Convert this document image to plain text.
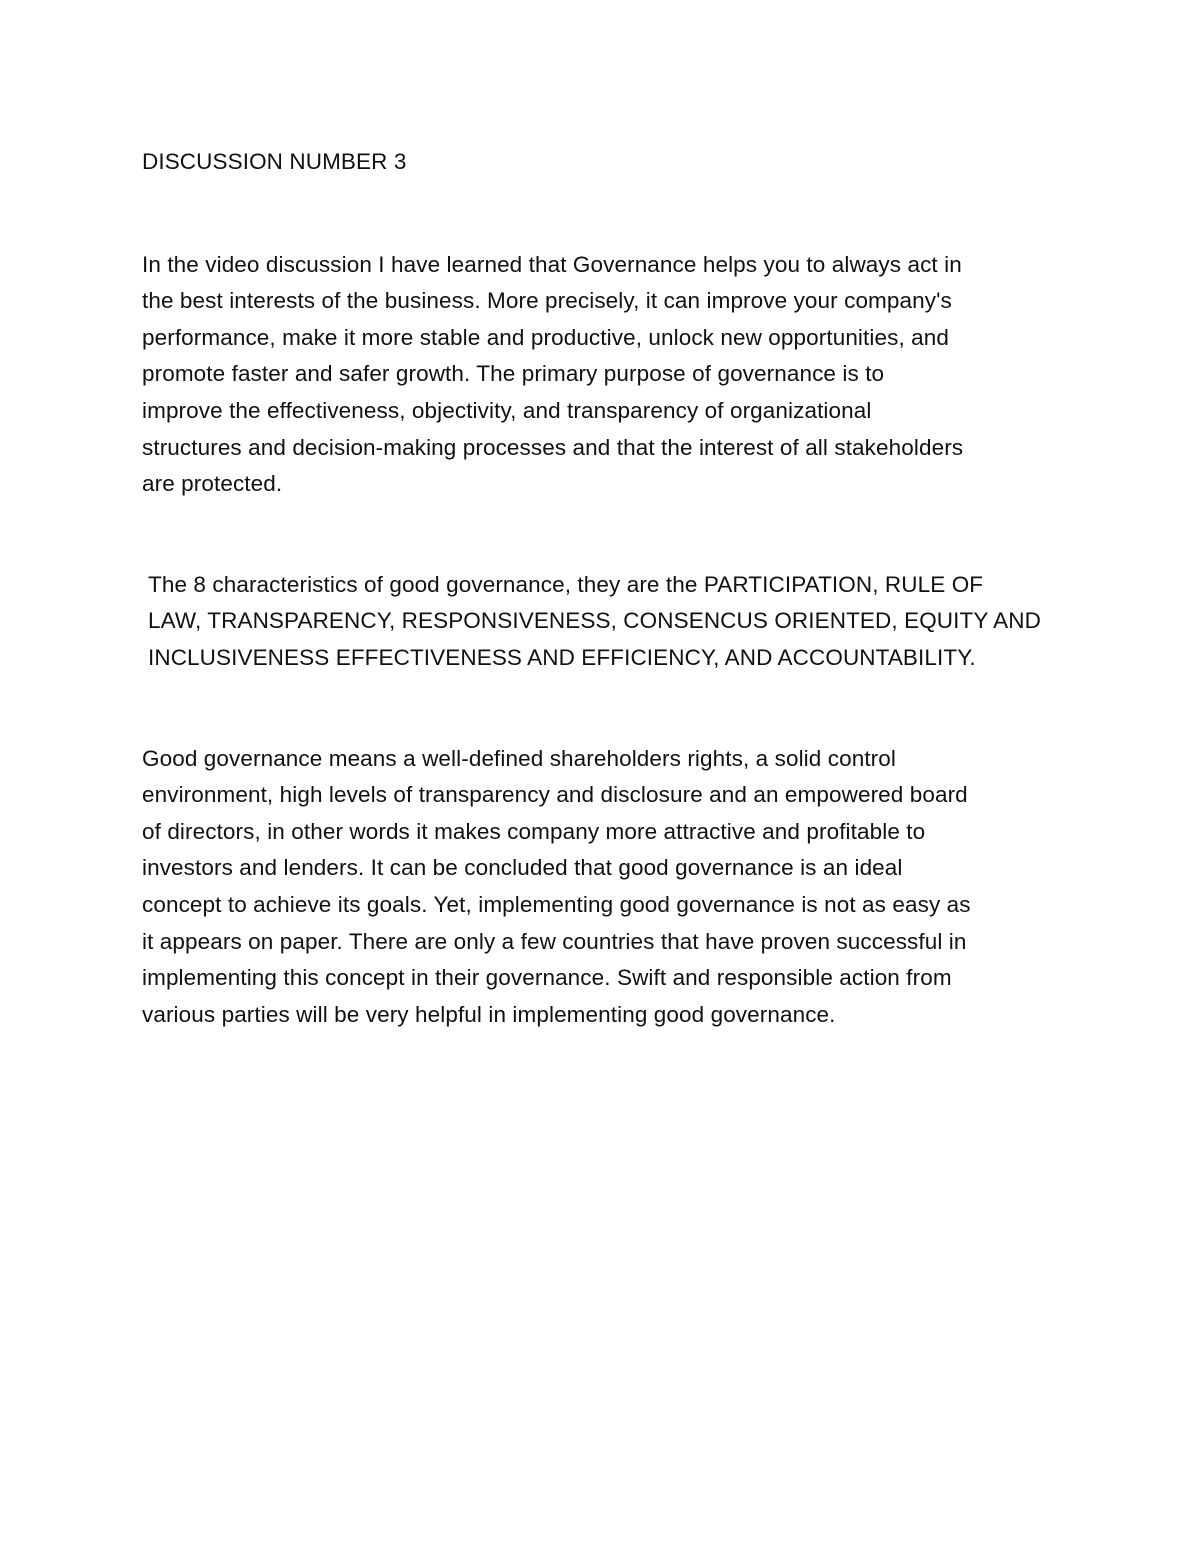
DISCUSSION NUMBER 3

In the video discussion I have learned that Governance helps you to always act in
the best interests of the business. More precisely, it can improve your company's
performance, make it more stable and productive, unlock new opportunities, and
promote faster and safer growth. The primary purpose of governance is to
improve the effectiveness, objectivity, and transparency of organizational
structures and decision-making processes and that the interest of all stakeholders
are protected.

The 8 characteristics of good governance, they are the PARTICIPATION, RULE OF
LAW, TRANSPARENCY, RESPONSIVENESS, CONSENCUS ORIENTED, EQUITY AND
INCLUSIVENESS EFFECTIVENESS AND EFFICIENCY, AND ACCOUNTABILITY.

Good governance means a well-defined shareholders rights, a solid control
environment, high levels of transparency and disclosure and an empowered board
of directors, in other words it makes company more attractive and profitable to
investors and lenders. It can be concluded that good governance is an ideal
concept to achieve its goals. Yet, implementing good governance is not as easy as
it appears on paper. There are only a few countries that have proven successful in
implementing this concept in their governance. Swift and responsible action from
various parties will be very helpful in implementing good governance.
